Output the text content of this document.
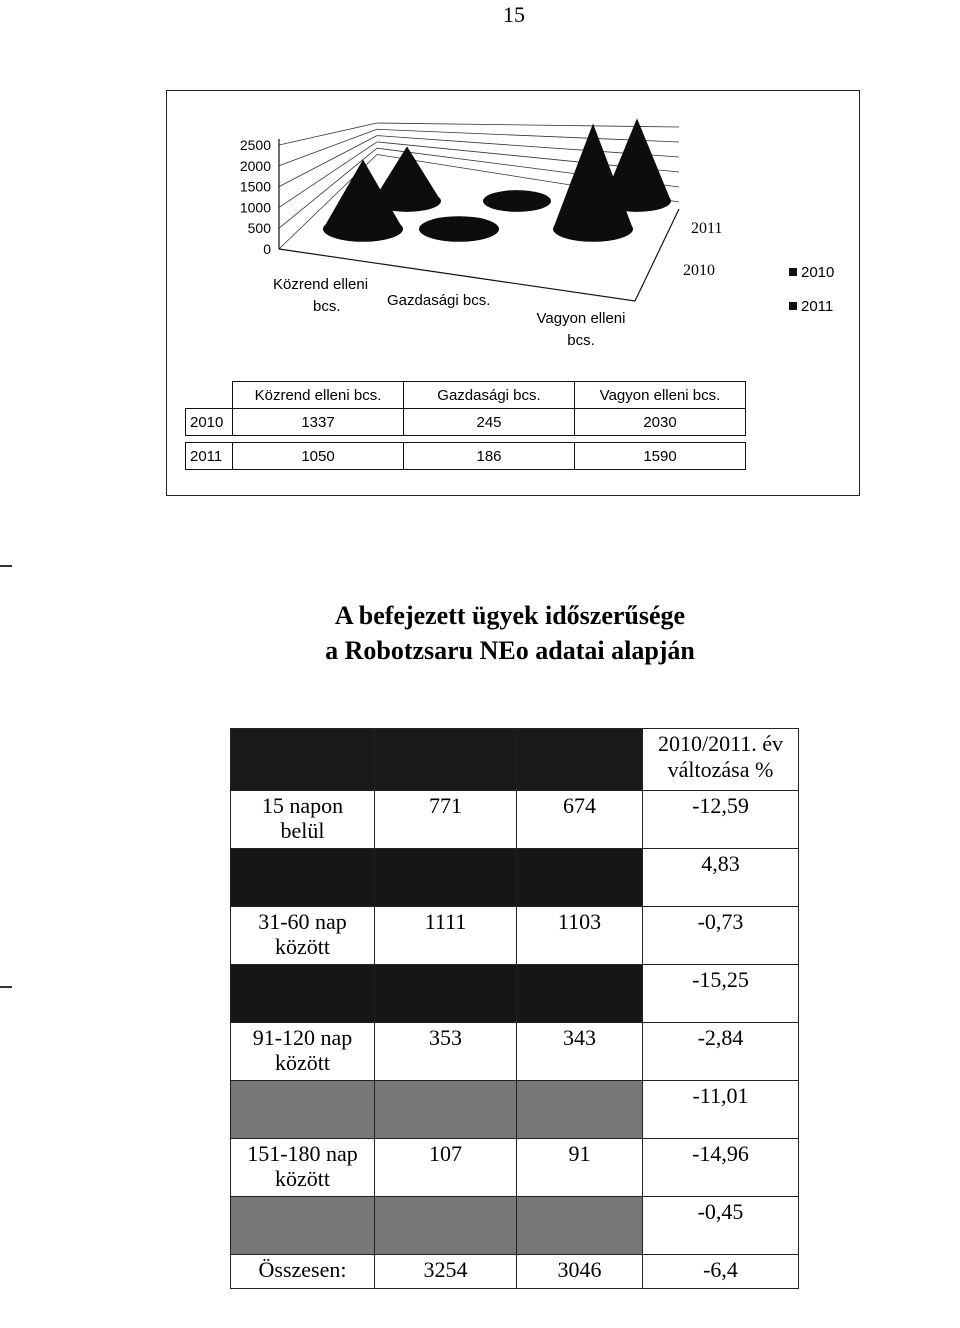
15
2500
2000
1500
1000
500
0
Közrend elleni
bcs.	Gazdasági bcs.
Vagyon elleni
bcs.
2011
2010	2010
2011
	Közrend elleni bcs.	Gazdasági bcs.	Vagyon elleni bcs.
2010	1337	245	2030

2011	1050	186	1590
A befejezett ügyek időszerűsége
a Robotzsaru NEo adatai alapján

			2010/2011. év
változása %

15 napon
belül	771	674	-12,59

			4,83

31-60 nap
között	1111	1103	-0,73

			-15,25

91-120 nap
között	353	343	-2,84

			-11,01

151-180 nap
között	107	91	-14,96

			-0,45
Összesen:	3254	3046	-6,4
